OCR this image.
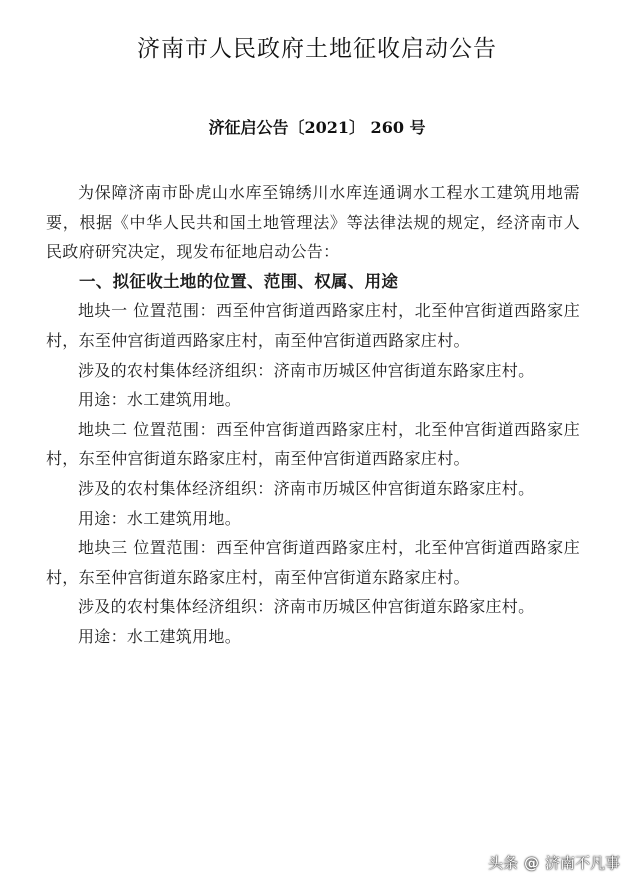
济南市人民政府土地征收启动公告
济征启公告〔2021〕 260 号

为保障济南市卧虎山水库至锦绣川水库连通调水工程水工建筑用地需要，根据《中华人民共和国土地管理法》等法律法规的规定，经济南市人民政府研究决定，现发布征地启动公告：

一、拟征收土地的位置、范围、权属、用途

地块一 位置范围：西至仲宫街道西路家庄村，北至仲宫街道西路家庄村，东至仲宫街道西路家庄村，南至仲宫街道西路家庄村。

涉及的农村集体经济组织：济南市历城区仲宫街道东路家庄村。

用途：水工建筑用地。

地块二 位置范围：西至仲宫街道西路家庄村，北至仲宫街道西路家庄村，东至仲宫街道东路家庄村，南至仲宫街道西路家庄村。

涉及的农村集体经济组织：济南市历城区仲宫街道东路家庄村。

用途：水工建筑用地。

地块三 位置范围：西至仲宫街道西路家庄村，北至仲宫街道西路家庄村，东至仲宫街道东路家庄村，南至仲宫街道东路家庄村。

涉及的农村集体经济组织：济南市历城区仲宫街道东路家庄村。

用途：水工建筑用地。

头条 @ 济南不凡事
